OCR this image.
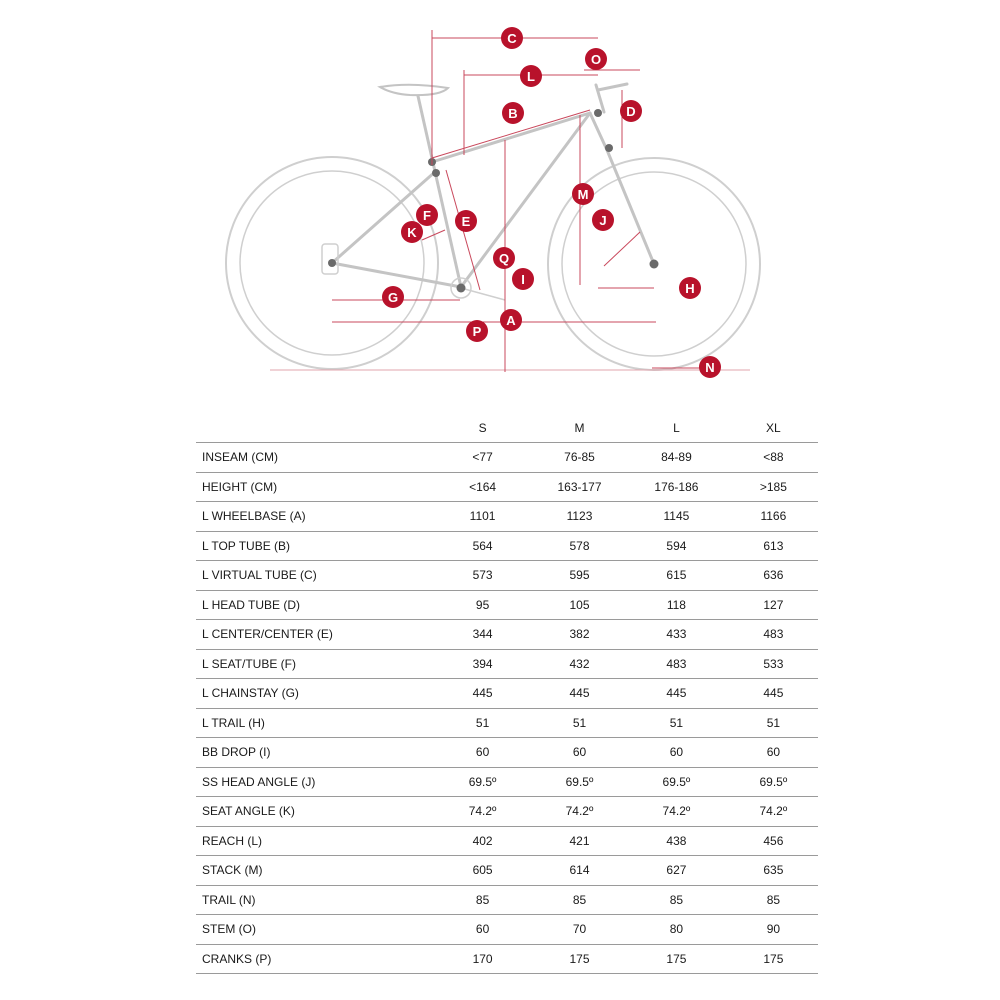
A
B
C
D
E
F
G
H
I
J
K
L
M
N
O
P
Q
	S		M		L		XL
INSEAM (CM)	<77		76-85		84-89		<88
HEIGHT (CM)	<164		163-177		176-186		>185
L WHEELBASE (A)	1101		1123		1145		1166
L TOP TUBE (B)	564		578		594		613
L VIRTUAL TUBE (C)	573		595		615		636
L HEAD TUBE (D)	95		105		118		127
L CENTER/CENTER (E)	344		382		433		483
L SEAT/TUBE (F)	394		432		483		533
L CHAINSTAY (G)	445		445		445		445
L TRAIL (H)	51		51		51		51
BB DROP (I)	60		60		60		60
SS HEAD ANGLE (J)	69.5º		69.5º		69.5º		69.5º
SEAT ANGLE (K)	74.2º		74.2º		74.2º		74.2º
REACH (L)	402		421		438		456
STACK (M)	605		614		627		635
TRAIL (N)	85		85		85		85
STEM (O)	60		70		80		90
CRANKS (P)	170		175		175		175
